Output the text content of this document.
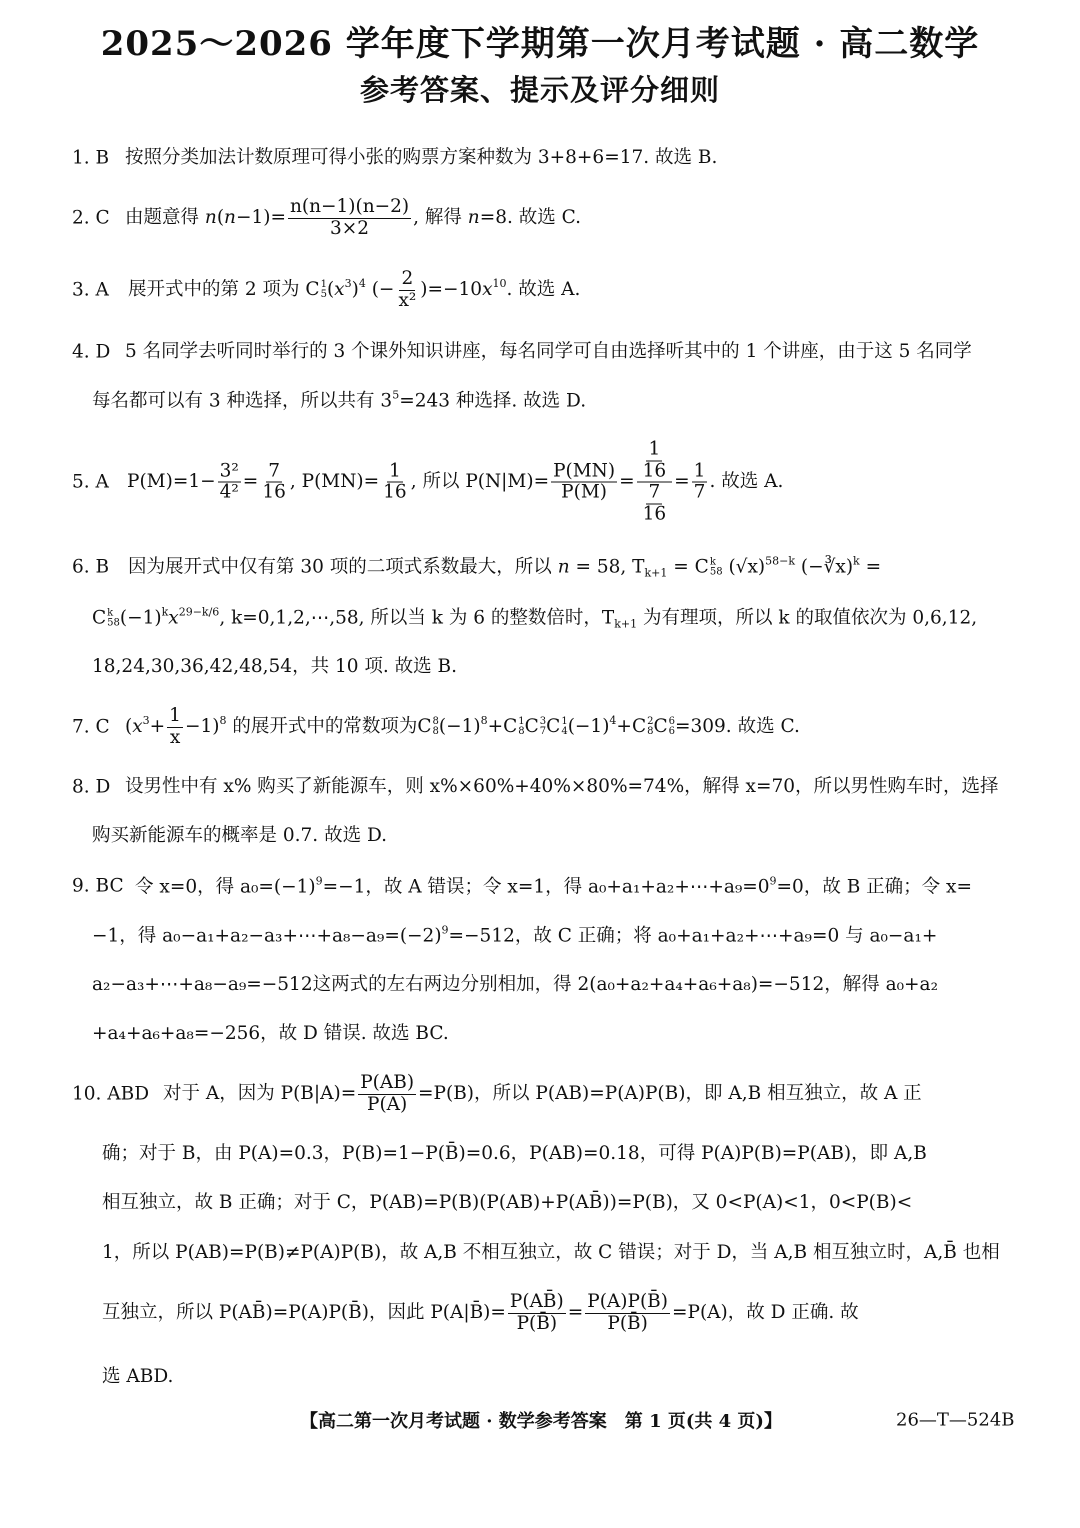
2025～2026 学年度下学期第一次月考试题 · 高二数学
参考答案、提示及评分细则
1. B 按照分类加法计数原理可得小张的购票方案种数为 3+8+6=17. 故选 B.
2. C 由题意得 $n(n-1)= \frac{n(n-1)(n-2)}{3\times 2}$ , 解得 n=8. 故选 C.
3. A 展开式中的第 2 项为 C 1
5 $(x^3)^4$ (− $\frac{2}{\text{x²}} )=-10x^{10}$. 故选 A.
4. D 5 名同学去听同时举行的 3 个课外知识讲座，每名同学可自由选择听其中的 1 个讲座，由于这 5 名同学
每名都可以有 3 种选择，所以共有 $3^5=243$ 种选择. 故选 D.
5. A $P(M)=1- \frac{\text{3²}}{\text{4²}} = \frac{7}{16}$ , $P(MN)= \frac{1}{16}$ , 所以 $P(N|M)= \frac{P(MN)}{P(M)} = \frac{\frac{1}{16}}{\frac{7}{16}} = \frac{1}{7}$ . 故选 A.
6. B 因为展开式中仅有第 30 项的二项式系数最大，所以 n = 58, $T_{k+1} = C$ k
58 $(√x)^{58-k}$ (−∛x)$^k$ =
C k
58 $(-1)^kx^{29-k/6}$, k=0,1,2,⋯,58, 所以当 k 为 6 的整数倍时，$T_{k+1}$ 为有理项，所以 k 的取值依次为 0,6,12,
18,24,30,36,42,48,54，共 10 项. 故选 B.
7. C $(x^3+ \frac{1}{x} -1)^8$ 的展开式中的常数项为 C 8
8 $(-1)^8+ C$ 1
8 C 3
7 C 1
4 $(-1)^4+ C$ 2
8 C 6
6 =309. 故选 C.
8. D 设男性中有 x% 购买了新能源车，则 x%×60%+40%×80%=74%，解得 x=70，所以男性购车时，选择
购买新能源车的概率是 0.7. 故选 D.
9. BC 令 x=0，得 $a_0=(-1)^9=-1$，故 A 错误；令 x=1，得 $a_0+a_1+a_2+\cdots+a_9=0^9=0$，故 B 正确；令 x=
−1，得 $a_0-a_1+a_2-a_3+\cdots+a_8-a_9=(-2)^9=-512$，故 C 正确；将 a₀+a₁+a₂+⋯+a₉=0 与 a₀−a₁+
a₂−a₃+⋯+a₈−a₉=−512这两式的左右两边分别相加，得 2(a₀+a₂+a₄+a₆+a₈)=−512，解得 a₀+a₂
+a₄+a₆+a₈=−256，故 D 错误. 故选 BC.
10. ABD 对于 A，因为 $P(B|A)= \frac{P(AB)}{P(A)} =P(B)$，所以 P(AB)=P(A)P(B)，即 A,B 相互独立，故 A 正
确；对于 B，由 P(A)=0.3，P(B)=1−P(B̄)=0.6，P(AB)=0.18，可得 P(A)P(B)=P(AB)，即 A,B
相互独立，故 B 正确；对于 C，P(AB)=P(B)(P(AB)+P(AB̄))=P(B)，又 0<P(A)<1，0<P(B)<
1，所以 P(AB)=P(B)≠P(A)P(B)，故 A,B 不相互独立，故 C 错误；对于 D，当 A,B 相互独立时，A,B̄ 也相
互独立，所以 P(AB̄)=P(A)P(B̄)，因此 P(A|B̄)= $\frac{P(AB̄)}{P(B̄)} = \frac{P(A)P(B̄)}{P(B̄)} =P(A)$，故 D 正确. 故
选 ABD.
【高二第一次月考试题 · 数学参考答案　第 1 页(共 4 页)】	26—T—524B
